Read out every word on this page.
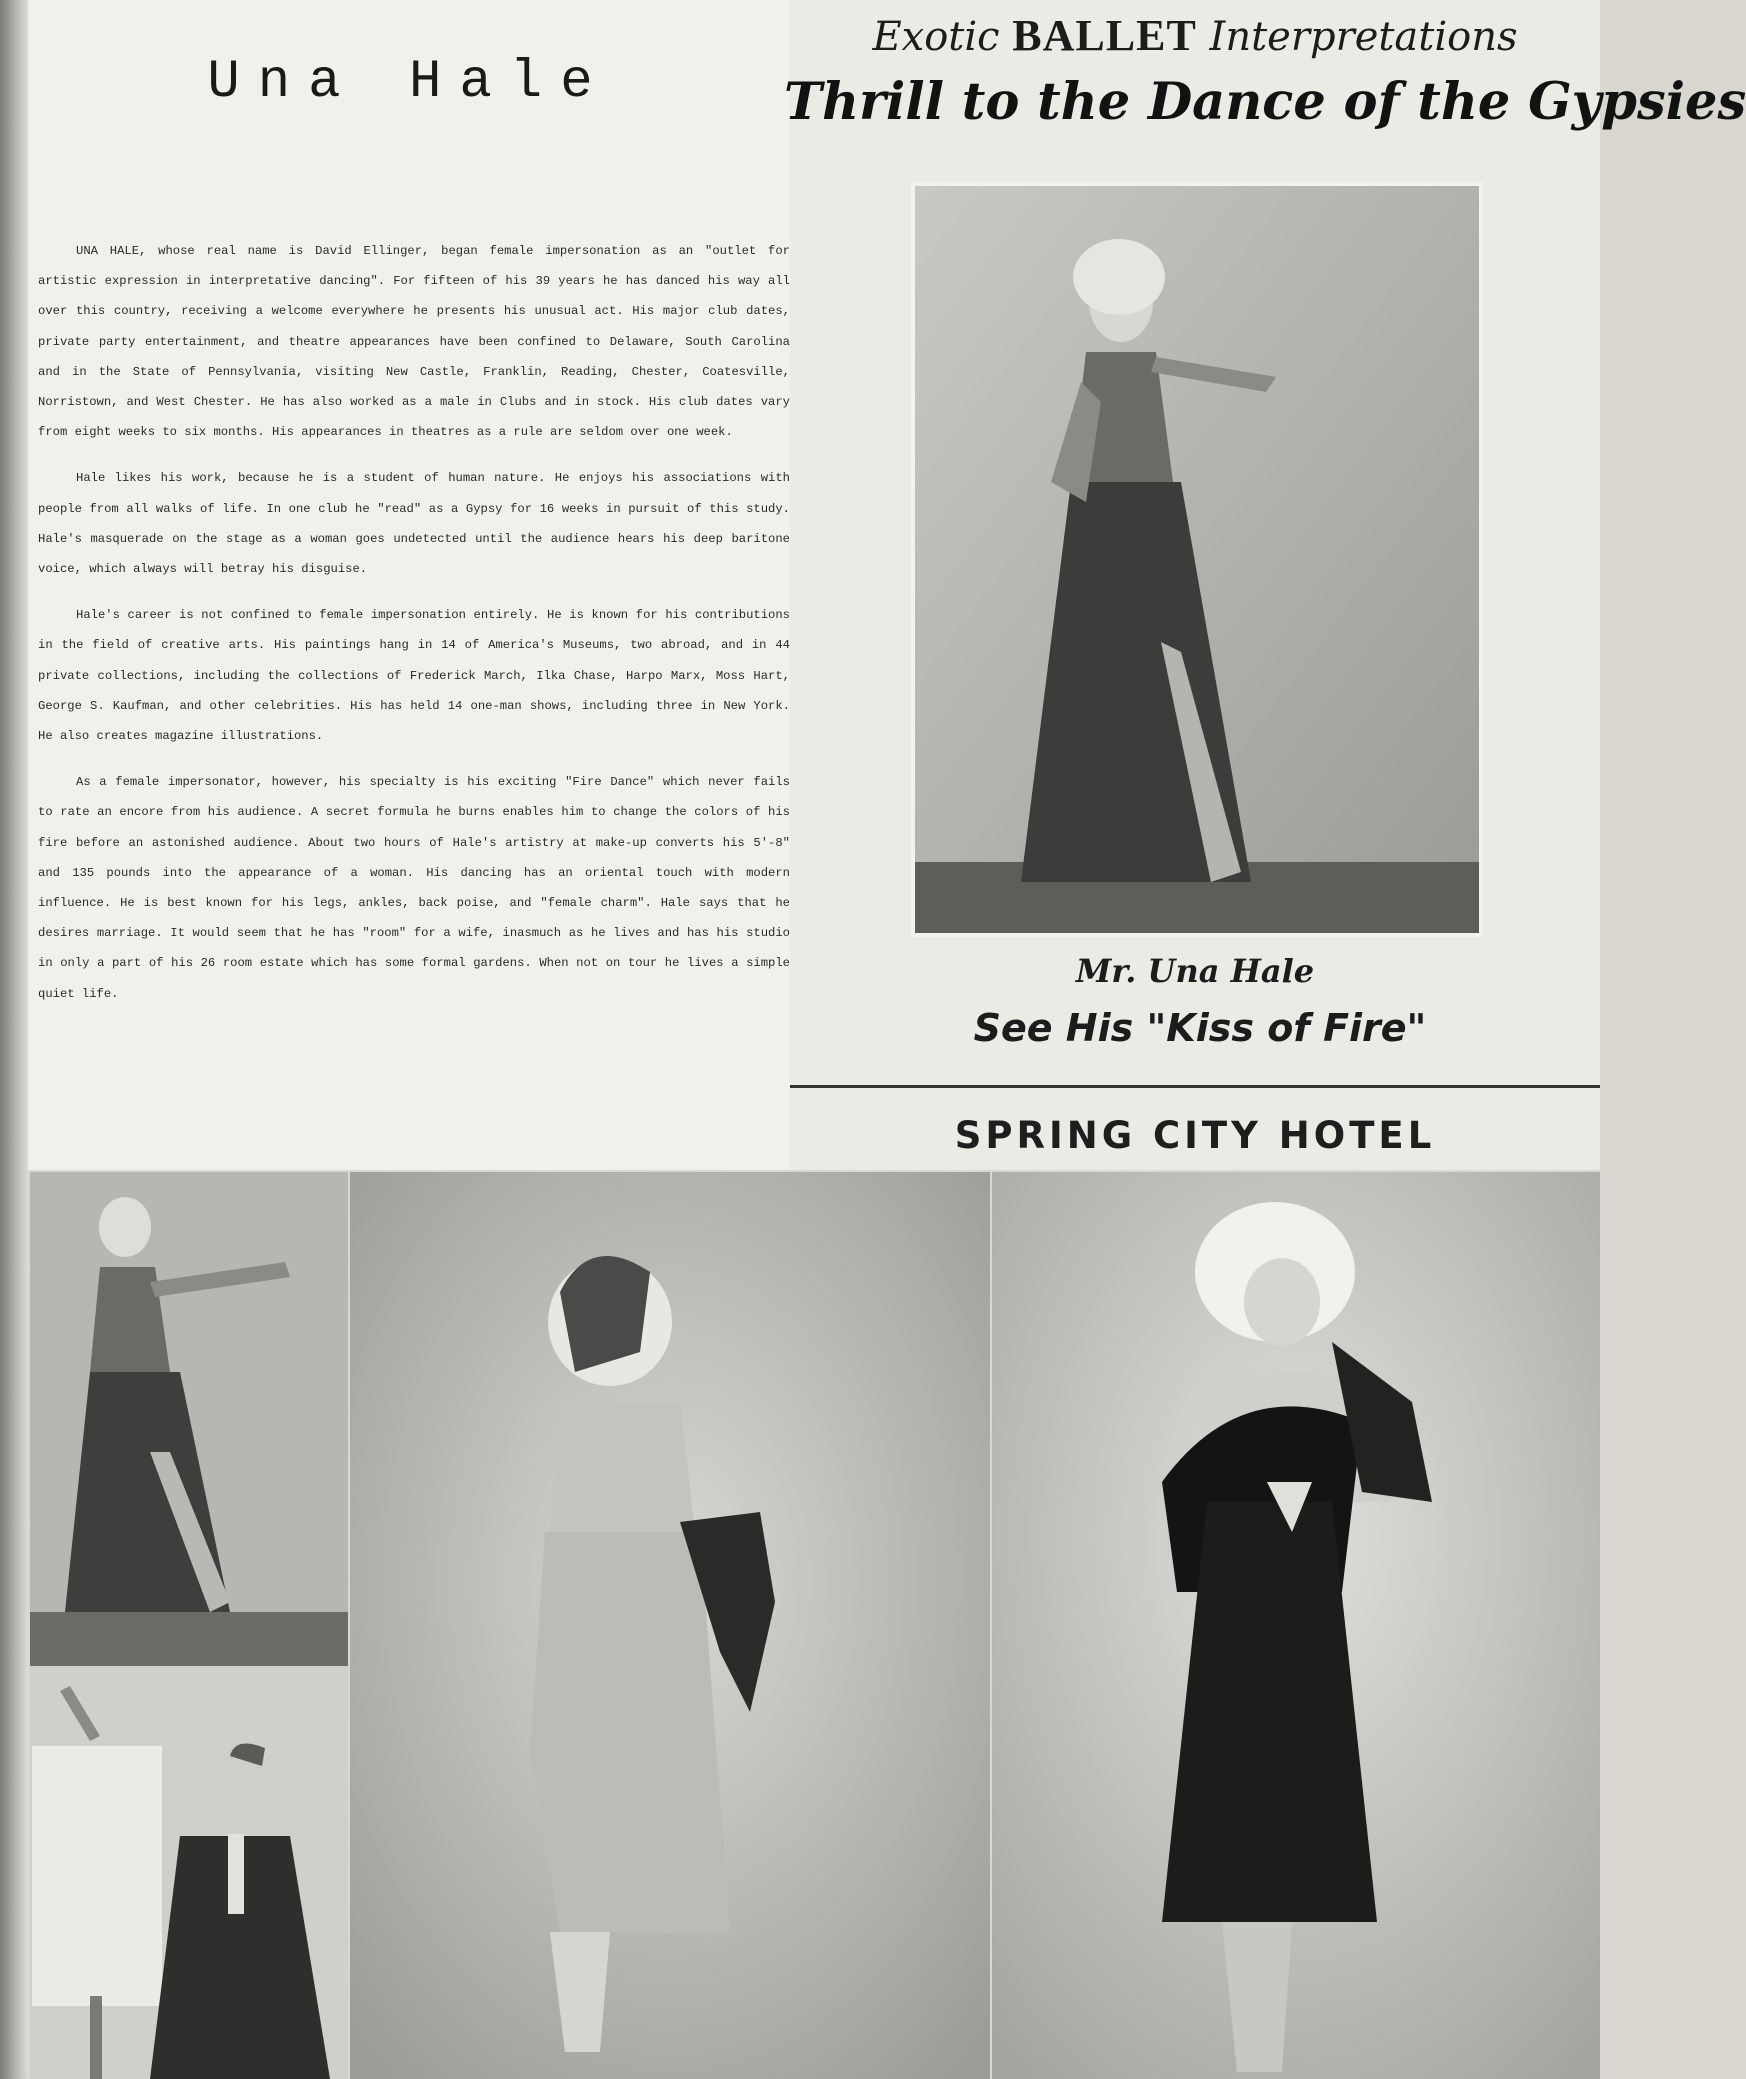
Una Hale

UNA HALE, whose real name is David Ellinger, began female impersonation as an "outlet for artistic expression in interpretative dancing". For fifteen of his 39 years he has danced his way all over this country, receiving a welcome everywhere he presents his unusual act. His major club dates, private party entertainment, and theatre appearances have been confined to Delaware, South Carolina and in the State of Pennsylvania, visiting New Castle, Franklin, Reading, Chester, Coatesville, Norristown, and West Chester. He has also worked as a male in Clubs and in stock. His club dates vary from eight weeks to six months. His appearances in theatres as a rule are seldom over one week.

Hale likes his work, because he is a student of human nature. He enjoys his associations with people from all walks of life. In one club he "read" as a Gypsy for 16 weeks in pursuit of this study. Hale's masquerade on the stage as a woman goes undetected until the audience hears his deep baritone voice, which always will betray his disguise.

Hale's career is not confined to female impersonation entirely. He is known for his contributions in the field of creative arts. His paintings hang in 14 of America's Museums, two abroad, and in 44 private collections, including the collections of Frederick March, Ilka Chase, Harpo Marx, Moss Hart, George S. Kaufman, and other celebrities. His has held 14 one-man shows, including three in New York. He also creates magazine illustrations.

As a female impersonator, however, his specialty is his exciting "Fire Dance" which never fails to rate an encore from his audience. A secret formula he burns enables him to change the colors of his fire before an astonished audience. About two hours of Hale's artistry at make-up converts his 5'-8" and 135 pounds into the appearance of a woman. His dancing has an oriental touch with modern influence. He is best known for his legs, ankles, back poise, and "female charm". Hale says that he desires marriage. It would seem that he has "room" for a wife, inasmuch as he lives and has his studio in only a part of his 26 room estate which has some formal gardens. When not on tour he lives a simple quiet life.

Exotic BALLET Interpretations
Thrill to the Dance of the Gypsies
Mr. Una Hale
See His "Kiss of Fire"
SPRING CITY HOTEL
